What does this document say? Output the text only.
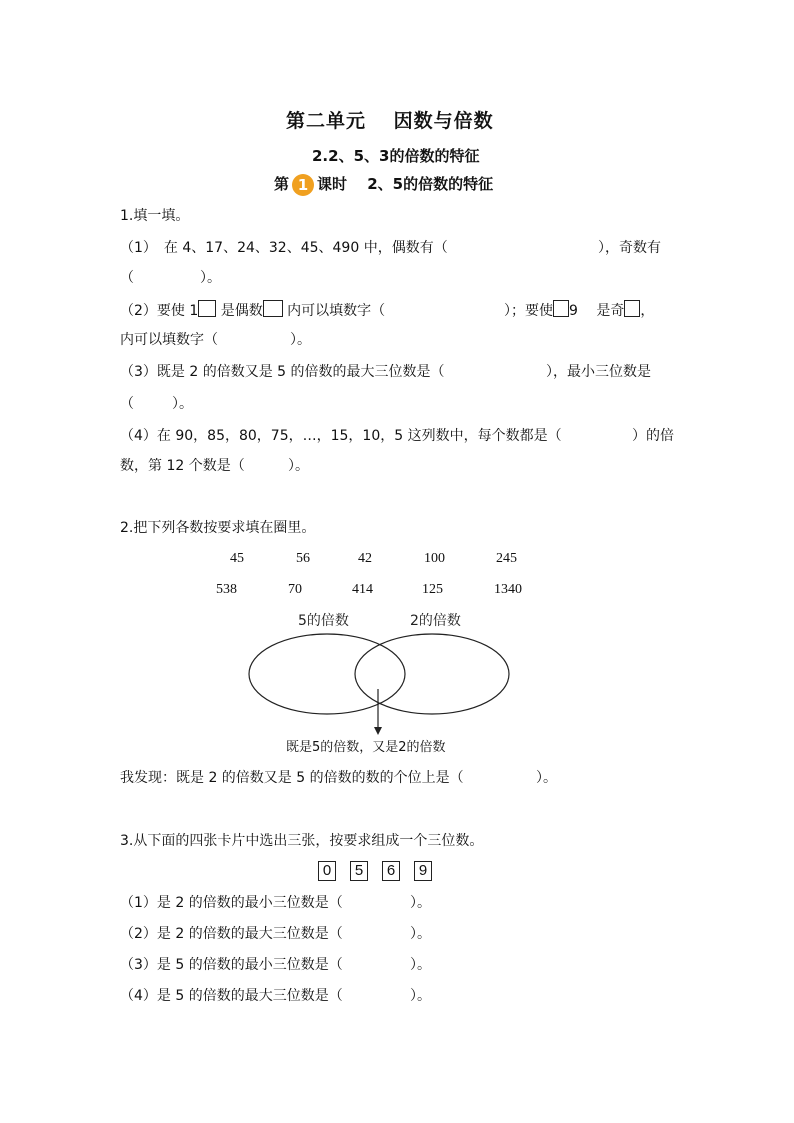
第二单元　 因数与倍数
2.2、5、3的倍数的特征
第 1 课时　 2、5的倍数的特征
1.填一填。
（1）　在 4、17、24、32、45、490 中，偶数有（	），奇数有
（	）。
（2）要使 1 是偶数 内可以填数字（	）；要使 9 是奇 ，
内可以填数字（	）。
（3）既是 2 的倍数又是 5 的倍数的最大三位数是（	），最小三位数是
（	）。
（4）在 90，85，80，75，…，15，10，5 这列数中，每个数都是（	）的倍
数，第 12 个数是（	）。
2.把下列各数按要求填在圈里。
45	56	42	100	245
538	70	414	125	1340
5的倍数	2的倍数
既是5的倍数，又是2的倍数
我发现：既是 2 的倍数又是 5 的倍数的数的个位上是（	）。
3.从下面的四张卡片中选出三张，按要求组成一个三位数。
0 5 6 9
（1）是 2 的倍数的最小三位数是（	）。
（2）是 2 的倍数的最大三位数是（	）。
（3）是 5 的倍数的最小三位数是（	）。
（4）是 5 的倍数的最大三位数是（	）。
